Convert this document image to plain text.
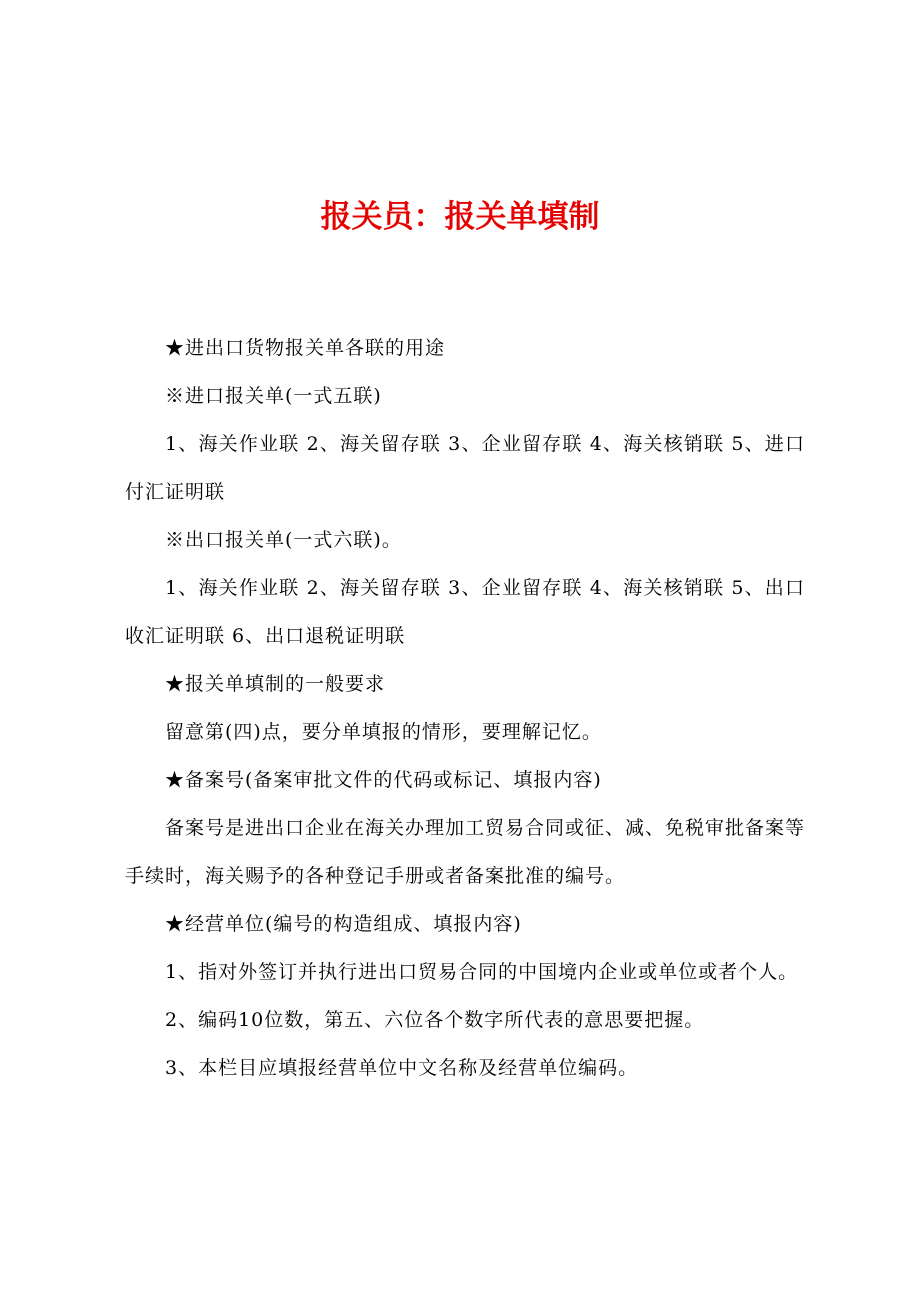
报关员：报关单填制

★进出口货物报关单各联的用途

※进口报关单(一式五联)

1、海关作业联 2、海关留存联 3、企业留存联 4、海关核销联 5、进口付汇证明联

※出口报关单(一式六联)。

1、海关作业联 2、海关留存联 3、企业留存联 4、海关核销联 5、出口收汇证明联 6、出口退税证明联

★报关单填制的一般要求

留意第(四)点，要分单填报的情形，要理解记忆。

★备案号(备案审批文件的代码或标记、填报内容)

备案号是进出口企业在海关办理加工贸易合同或征、减、免税审批备案等手续时，海关赐予的各种登记手册或者备案批准的编号。

★经营单位(编号的构造组成、填报内容)

1、指对外签订并执行进出口贸易合同的中国境内企业或单位或者个人。

2、编码10位数，第五、六位各个数字所代表的意思要把握。

3、本栏目应填报经营单位中文名称及经营单位编码。
